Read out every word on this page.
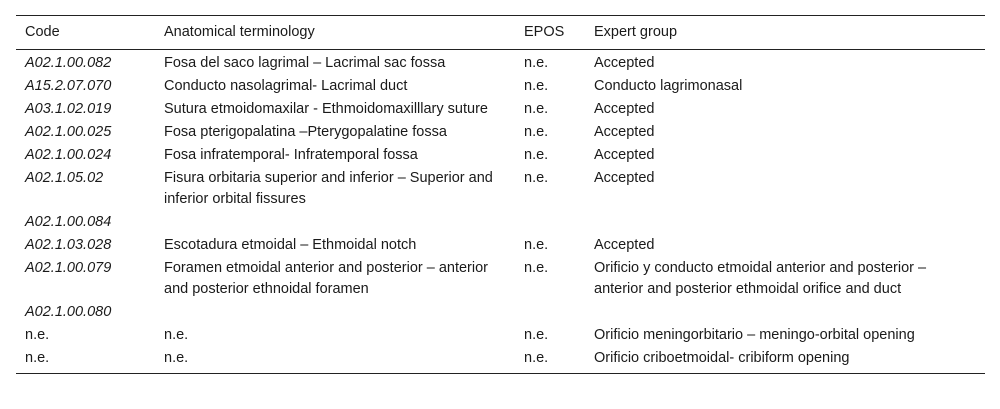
Code	Anatomical terminology	EPOS	Expert group
A02.1.00.082	Fosa del saco lagrimal – Lacrimal sac fossa	n.e.	Accepted
A15.2.07.070	Conducto nasolagrimal- Lacrimal duct	n.e.	Conducto lagrimonasal
A03.1.02.019	Sutura etmoidomaxilar - Ethmoidomaxilllary suture	n.e.	Accepted
A02.1.00.025	Fosa pterigopalatina –Pterygopalatine fossa	n.e.	Accepted
A02.1.00.024	Fosa infratemporal- Infratemporal fossa	n.e.	Accepted
A02.1.05.02	Fisura orbitaria superior and inferior – Superior and inferior orbital fissures	n.e.	Accepted
A02.1.00.084			
A02.1.03.028	Escotadura etmoidal – Ethmoidal notch	n.e.	Accepted
A02.1.00.079	Foramen etmoidal anterior and posterior – anterior and posterior ethnoidal foramen	n.e.	Orificio y conducto etmoidal anterior and posterior – anterior and posterior ethmoidal orifice and duct
A02.1.00.080			
n.e.	n.e.	n.e.	Orificio meningorbitario – meningo-orbital opening
n.e.	n.e.	n.e.	Orificio criboetmoidal- cribiform opening
